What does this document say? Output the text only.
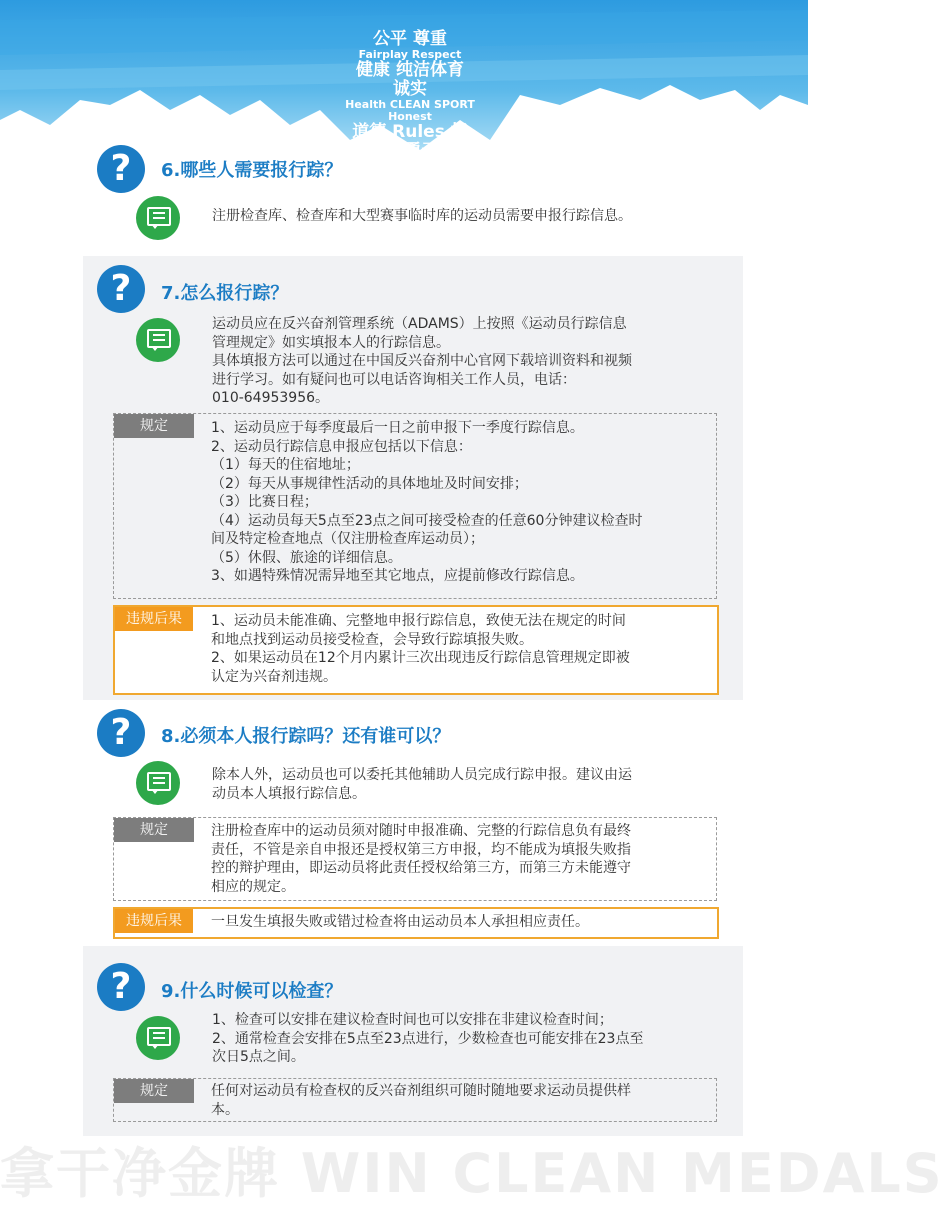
公平 尊重
Fairplay Respect
健康 纯洁体育 诚实
Health CLEAN SPORT Honest
道德 Rules 规则 勇于
拿干净金牌
WIN CLEAN MEDALS
?	6.哪些人需要报行踪？
注册检查库、检查库和大型赛事临时库的运动员需要申报行踪信息。
?	7.怎么报行踪？
运动员应在反兴奋剂管理系统（ADAMS）上按照《运动员行踪信息
管理规定》如实填报本人的行踪信息。
具体填报方法可以通过在中国反兴奋剂中心官网下载培训资料和视频
进行学习。如有疑问也可以电话咨询相关工作人员，电话：
010-64953956。
规定	1、运动员应于每季度最后一日之前申报下一季度行踪信息。
2、运动员行踪信息申报应包括以下信息：
（1）每天的住宿地址；
（2）每天从事规律性活动的具体地址及时间安排；
（3）比赛日程；
（4）运动员每天5点至23点之间可接受检查的任意60分钟建议检查时
间及特定检查地点（仅注册检查库运动员）；
（5）休假、旅途的详细信息。
3、如遇特殊情况需异地至其它地点，应提前修改行踪信息。
违规后果	1、运动员未能准确、完整地申报行踪信息，致使无法在规定的时间
和地点找到运动员接受检查，会导致行踪填报失败。
2、如果运动员在12个月内累计三次出现违反行踪信息管理规定即被
认定为兴奋剂违规。
?	8.必须本人报行踪吗？还有谁可以？
除本人外，运动员也可以委托其他辅助人员完成行踪申报。建议由运
动员本人填报行踪信息。
规定	注册检查库中的运动员须对随时申报准确、完整的行踪信息负有最终
责任，不管是亲自申报还是授权第三方申报，均不能成为填报失败指
控的辩护理由，即运动员将此责任授权给第三方，而第三方未能遵守
相应的规定。
违规后果	一旦发生填报失败或错过检查将由运动员本人承担相应责任。
?	9.什么时候可以检查？
1、检查可以安排在建议检查时间也可以安排在非建议检查时间；
2、通常检查会安排在5点至23点进行，少数检查也可能安排在23点至
次日5点之间。
规定	任何对运动员有检查权的反兴奋剂组织可随时随地要求运动员提供样
本。
拿干净金牌 WIN CLEAN MEDALS
